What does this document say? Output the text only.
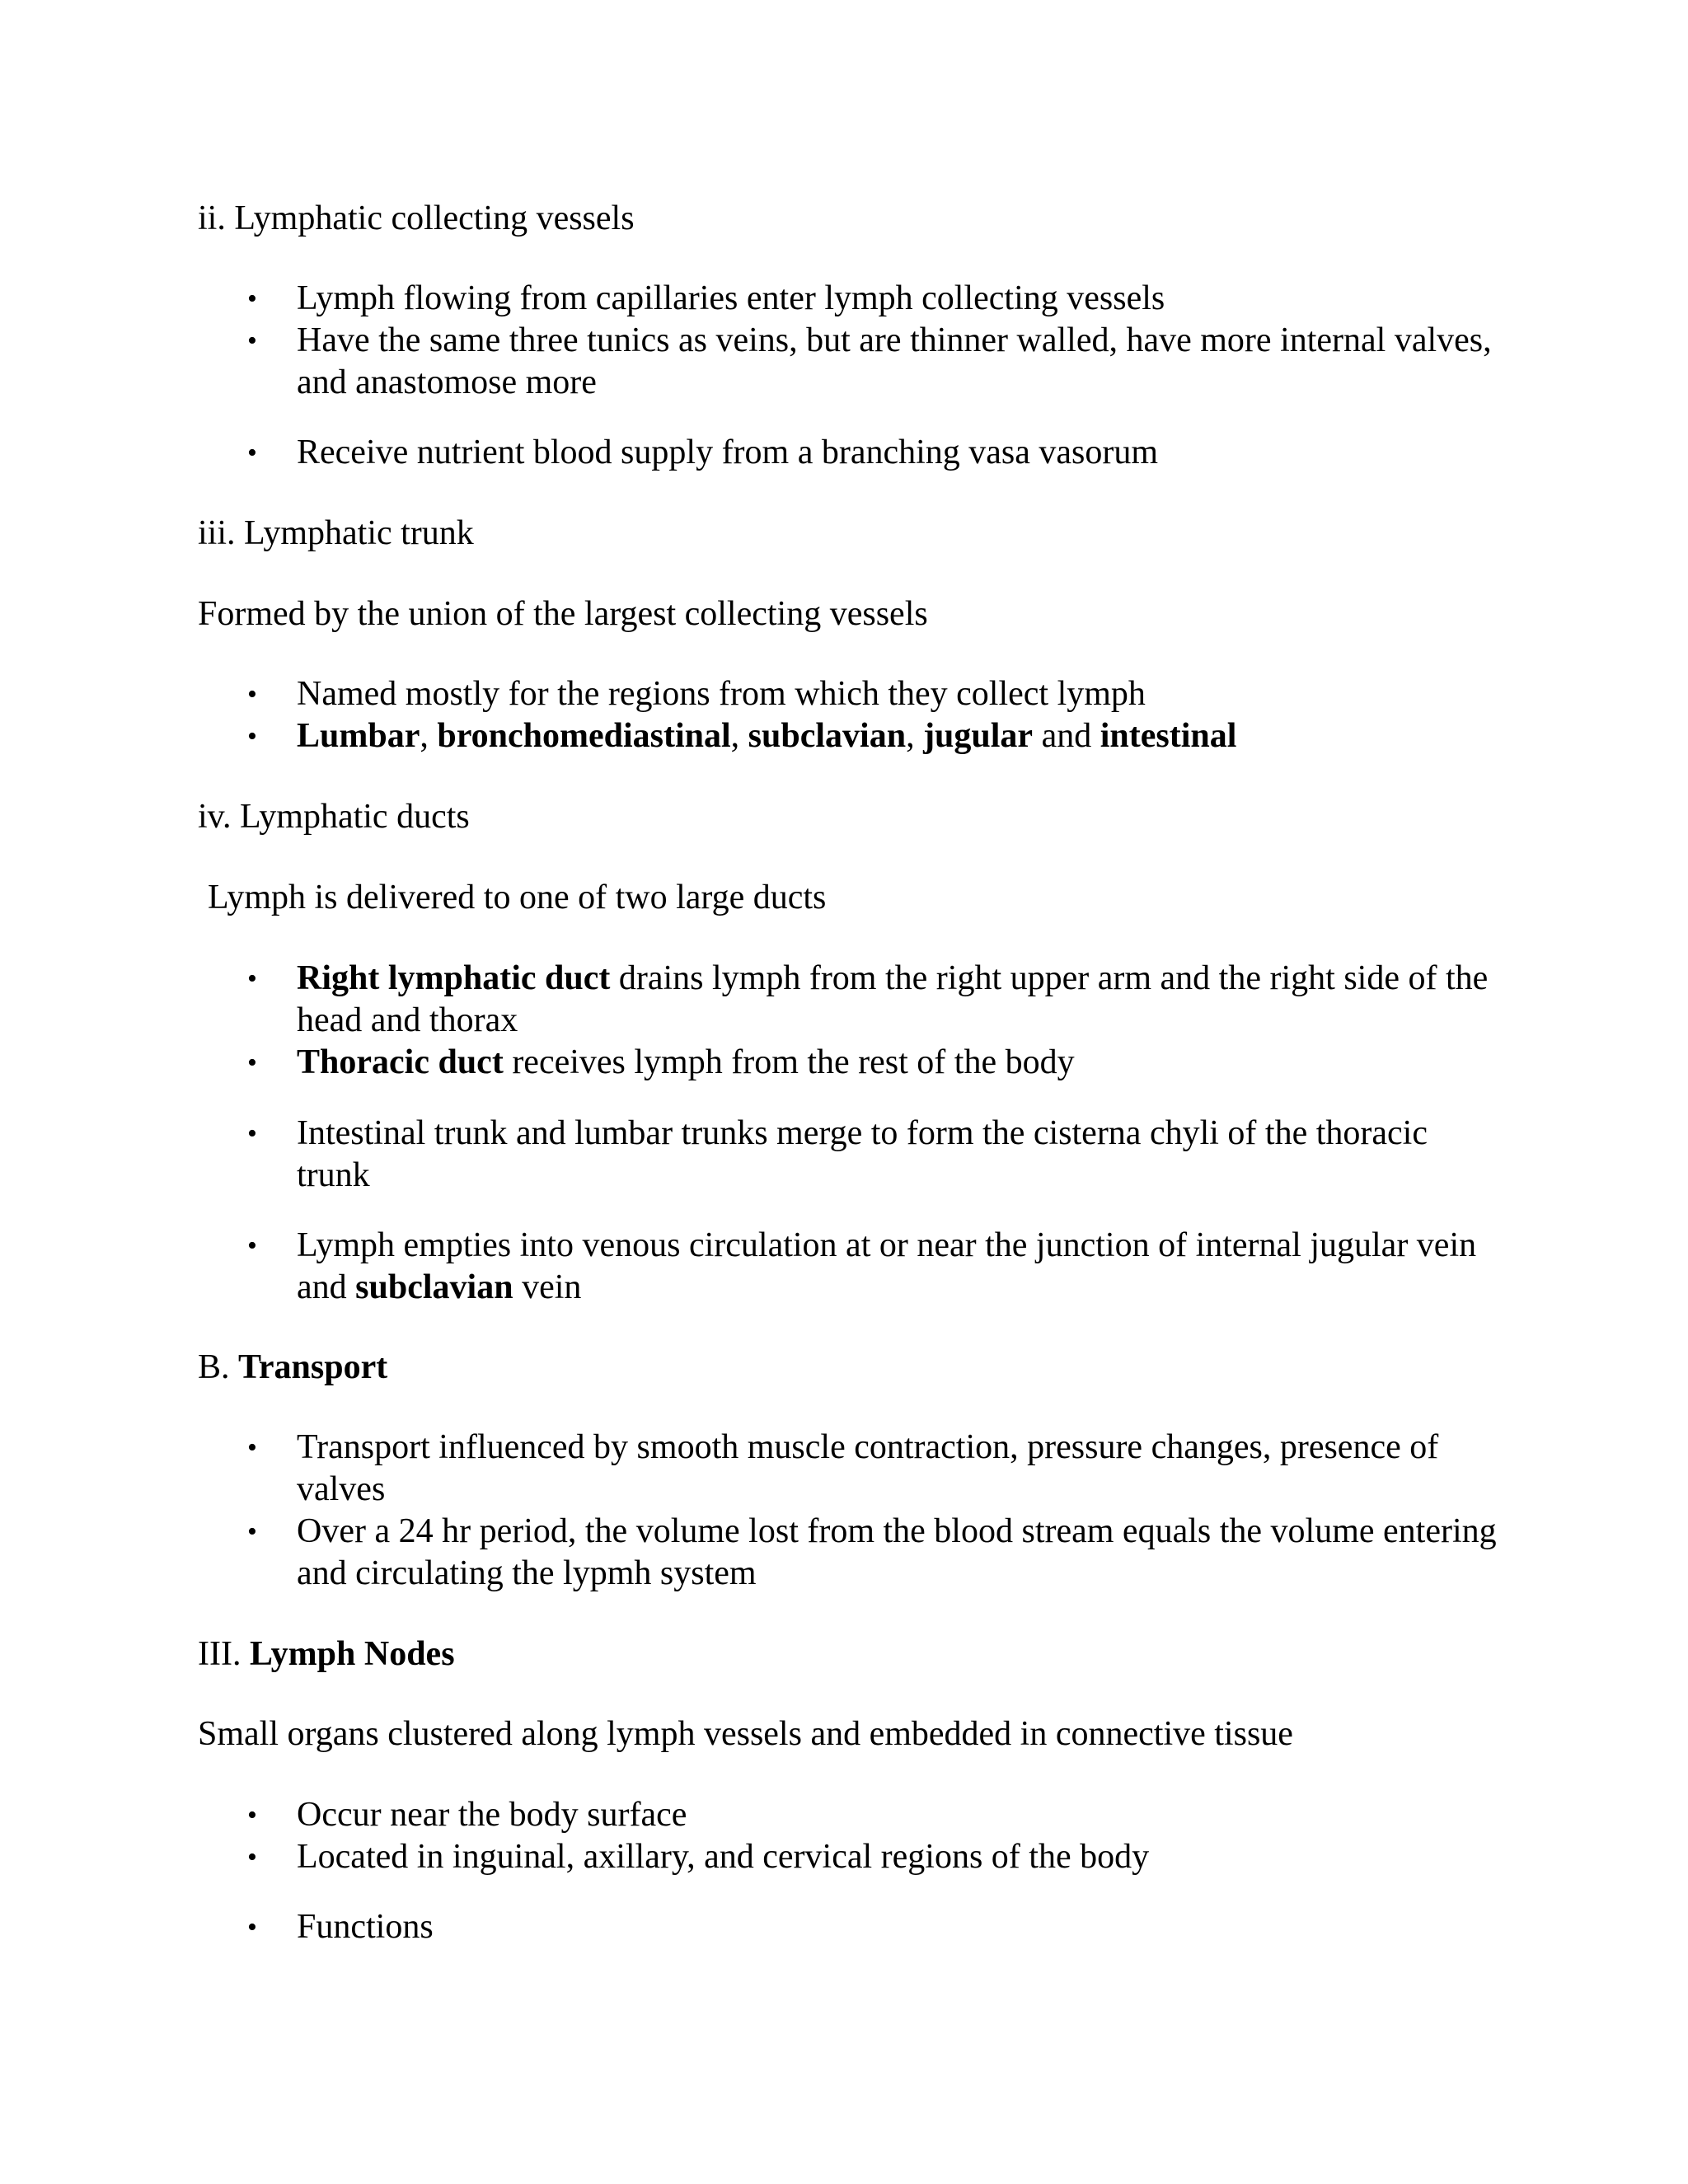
ii. Lymphatic collecting vessels
• Lymph flowing from capillaries enter lymph collecting vessels
• Have the same three tunics as veins, but are thinner walled, have more internal valves, and anastomose more
• Receive nutrient blood supply from a branching vasa vasorum
iii. Lymphatic trunk
Formed by the union of the largest collecting vessels
• Named mostly for the regions from which they collect lymph
• Lumbar, bronchomediastinal, subclavian, jugular and intestinal
iv. Lymphatic ducts
Lymph is delivered to one of two large ducts
• Right lymphatic duct drains lymph from the right upper arm and the right side of the head and thorax
• Thoracic duct receives lymph from the rest of the body
• Intestinal trunk and lumbar trunks merge to form the cisterna chyli of the thoracic trunk
• Lymph empties into venous circulation at or near the junction of internal jugular vein and subclavian vein
B. Transport
• Transport influenced by smooth muscle contraction, pressure changes, presence of valves
• Over a 24 hr period, the volume lost from the blood stream equals the volume entering and circulating the lypmh system
III. Lymph Nodes
Small organs clustered along lymph vessels and embedded in connective tissue
• Occur near the body surface
• Located in inguinal, axillary, and cervical regions of the body
• Functions
